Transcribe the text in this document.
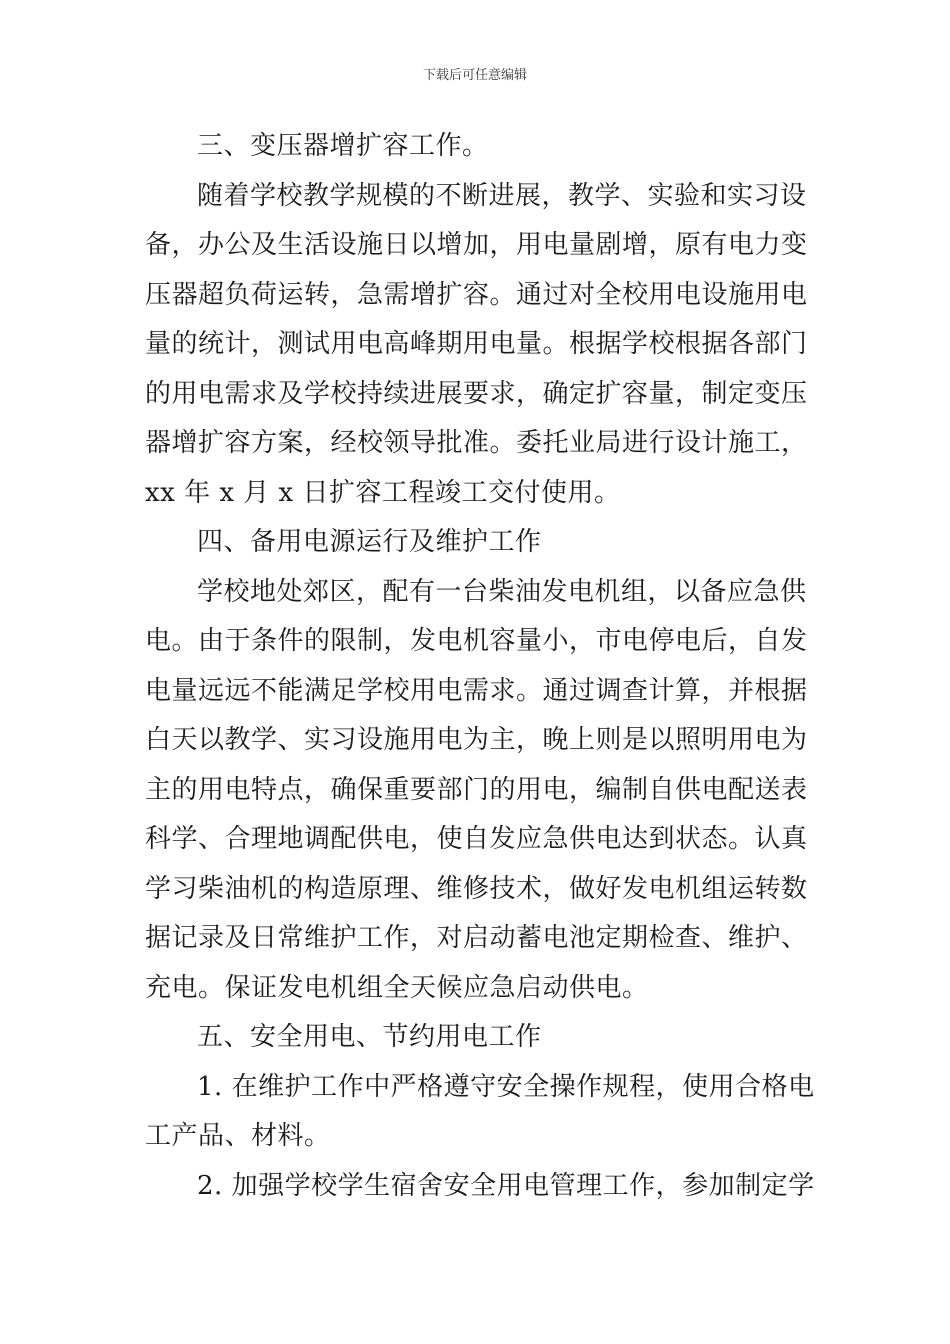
下载后可任意编辑

三、变压器增扩容工作。

随着学校教学规模的不断进展，教学、实验和实习设
备，办公及生活设施日以增加，用电量剧增，原有电力变
压器超负荷运转，急需增扩容。通过对全校用电设施用电
量的统计，测试用电高峰期用电量。根据学校根据各部门
的用电需求及学校持续进展要求，确定扩容量，制定变压
器增扩容方案，经校领导批准。委托业局进行设计施工，
xx 年 x 月 x 日扩容工程竣工交付使用。

四、备用电源运行及维护工作

学校地处郊区，配有一台柴油发电机组，以备应急供
电。由于条件的限制，发电机容量小，市电停电后，自发
电量远远不能满足学校用电需求。通过调查计算，并根据
白天以教学、实习设施用电为主，晚上则是以照明用电为
主的用电特点，确保重要部门的用电，编制自供电配送表
科学、合理地调配供电，使自发应急供电达到状态。认真
学习柴油机的构造原理、维修技术，做好发电机组运转数
据记录及日常维护工作，对启动蓄电池定期检查、维护、
充电。保证发电机组全天候应急启动供电。

五、安全用电、节约用电工作

1. 在维护工作中严格遵守安全操作规程，使用合格电
工产品、材料。

2. 加强学校学生宿舍安全用电管理工作，参加制定学
